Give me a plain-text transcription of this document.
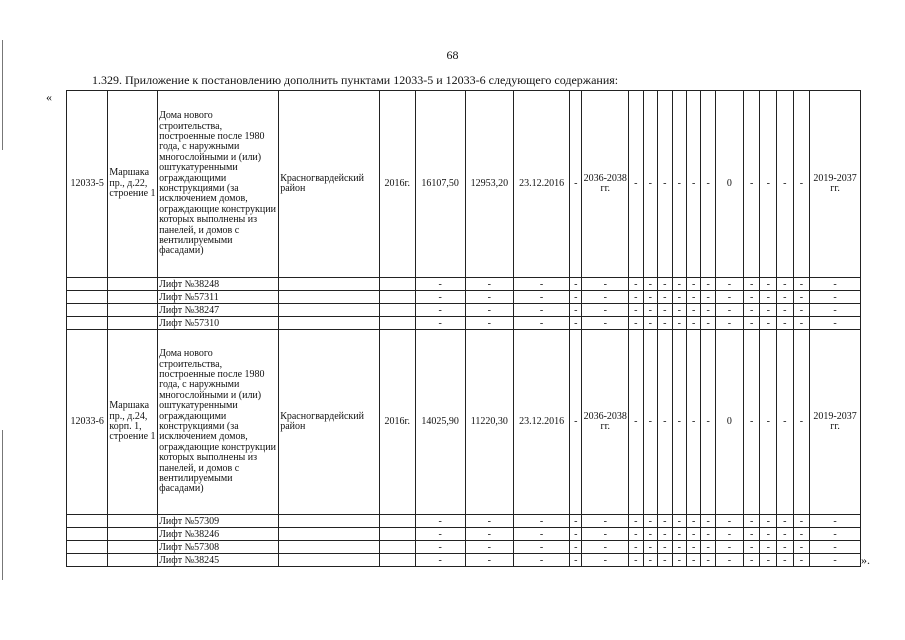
68
1.329. Приложение к постановлению дополнить пунктами 12033-5 и 12033-6 следующего содержания:
«
».
12033-5	Маршака пр., д.22, строение 1	Дома нового строительства, построенные после 1980 года, с наружными многослойными и (или) оштукатуренными ограждающими конструкциями (за исключением домов, ограждающие конструкции которых выполнены из панелей, и домов с вентилируемыми фасадами)	Красногвардейский район	2016г.	16107,50	12953,20	23.12.2016	-	2036-2038 гг.	-	-	-	-	-	-	0	-	-	-	-	2019-2037 гг.
		Лифт №38248			-	-	-	-	-	-	-	-	-	-	-	-	-	-	-	-	-
		Лифт №57311			-	-	-	-	-	-	-	-	-	-	-	-	-	-	-	-	-
		Лифт №38247			-	-	-	-	-	-	-	-	-	-	-	-	-	-	-	-	-
		Лифт №57310			-	-	-	-	-	-	-	-	-	-	-	-	-	-	-	-	-
12033-6	Маршака пр., д.24, корп. 1, строение 1	Дома нового строительства, построенные после 1980 года, с наружными многослойными и (или) оштукатуренными ограждающими конструкциями (за исключением домов, ограждающие конструкции которых выполнены из панелей, и домов с вентилируемыми фасадами)	Красногвардейский район	2016г.	14025,90	11220,30	23.12.2016	-	2036-2038 гг.	-	-	-	-	-	-	0	-	-	-	-	2019-2037 гг.
		Лифт №57309			-	-	-	-	-	-	-	-	-	-	-	-	-	-	-	-	-
		Лифт №38246			-	-	-	-	-	-	-	-	-	-	-	-	-	-	-	-	-
		Лифт №57308			-	-	-	-	-	-	-	-	-	-	-	-	-	-	-	-	-
		Лифт №38245			-	-	-	-	-	-	-	-	-	-	-	-	-	-	-	-	-
